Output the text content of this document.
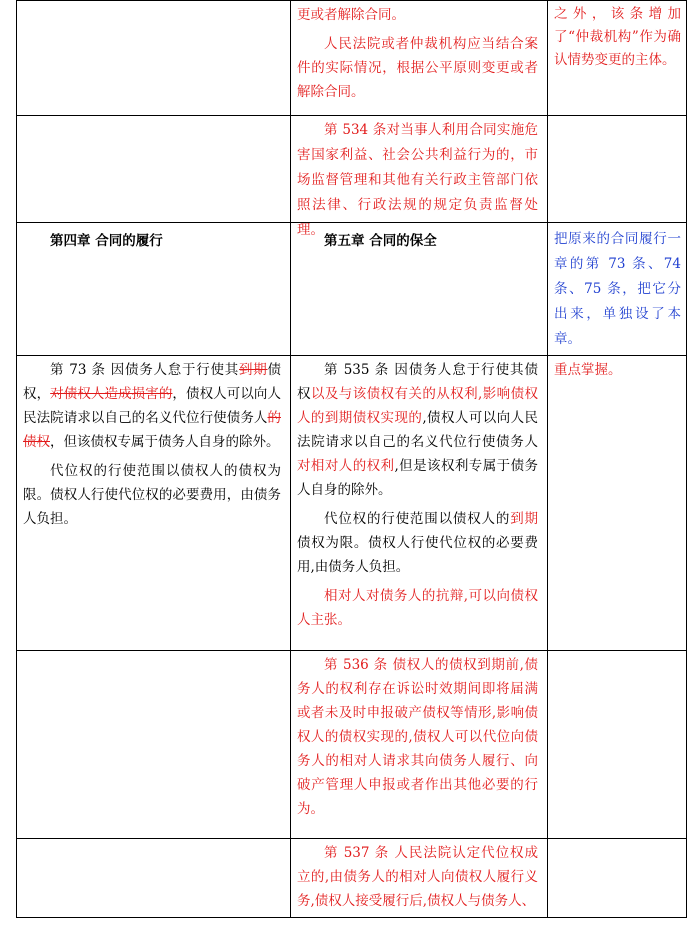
更或者解除合同。

人民法院或者仲裁机构应当结合案件的实际情况，根据公平原则变更或者解除合同。

之外，该条增加了“仲裁机构”作为确认情势变更的主体。

第 534 条对当事人利用合同实施危害国家利益、社会公共利益行为的，市场监督管理和其他有关行政主管部门依照法律、行政法规的规定负责监督处理。

第四章 合同的履行	第五章 合同的保全	把原来的合同履行一章的第 73 条、74 条、75 条，把它分出来，单独设了本章。

第 73 条 因债务人怠于行使其到期债权，对债权人造成损害的，债权人可以向人民法院请求以自己的名义代位行使债务人的债权，但该债权专属于债务人自身的除外。

代位权的行使范围以债权人的债权为限。债权人行使代位权的必要费用，由债务人负担。

第 535 条 因债务人怠于行使其债权以及与该债权有关的从权利,影响债权人的到期债权实现的,债权人可以向人民法院请求以自己的名义代位行使债务人对相对人的权利,但是该权利专属于债务人自身的除外。

代位权的行使范围以债权人的到期债权为限。债权人行使代位权的必要费用,由债务人负担。

相对人对债务人的抗辩,可以向债权人主张。

重点掌握。

第 536 条 债权人的债权到期前,债务人的权利存在诉讼时效期间即将届满或者未及时申报破产债权等情形,影响债权人的债权实现的,债权人可以代位向债务人的相对人请求其向债务人履行、向破产管理人申报或者作出其他必要的行为。

第 537 条 人民法院认定代位权成立的,由债务人的相对人向债权人履行义务,债权人接受履行后,债权人与债务人、
